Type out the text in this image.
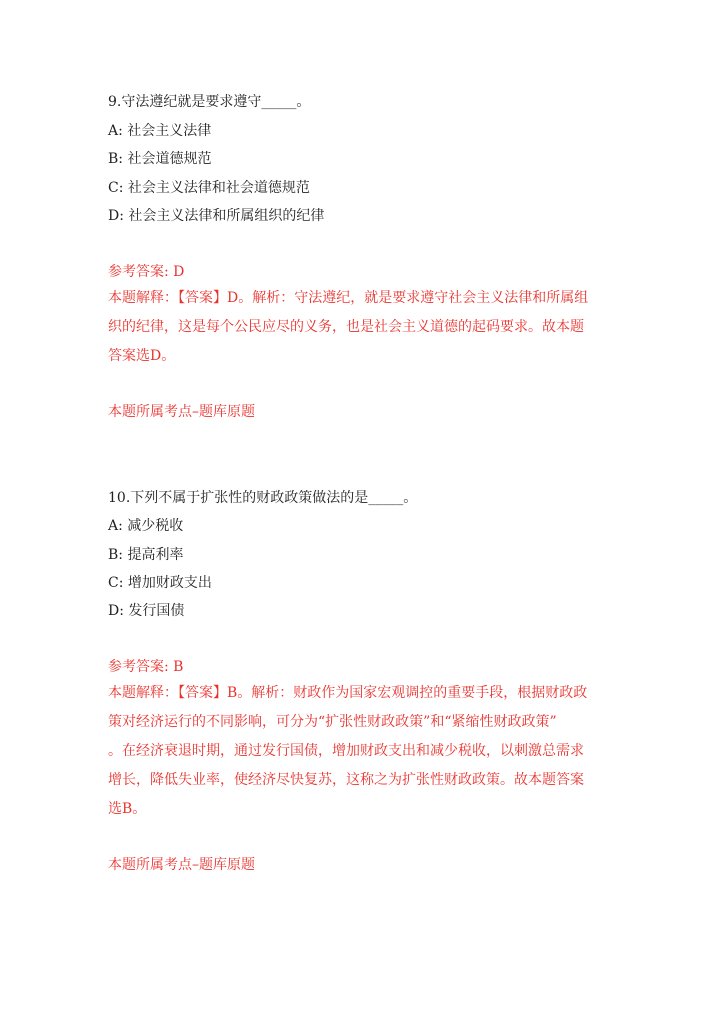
9.守法遵纪就是要求遵守_____。
A: 社会主义法律
B: 社会道德规范
C: 社会主义法律和社会道德规范
D: 社会主义法律和所属组织的纪律
参考答案: D
本题解释：【答案】D。解析：守法遵纪，就是要求遵守社会主义法律和所属组
织的纪律，这是每个公民应尽的义务，也是社会主义道德的起码要求。故本题
答案选D。
本题所属考点–题库原题
10.下列不属于扩张性的财政政策做法的是_____。
A: 减少税收
B: 提高利率
C: 增加财政支出
D: 发行国债
参考答案: B
本题解释：【答案】B。解析：财政作为国家宏观调控的重要手段，根据财政政
策对经济运行的不同影响，可分为“扩张性财政政策”和“紧缩性财政政策”
。在经济衰退时期，通过发行国债，增加财政支出和减少税收，以刺激总需求
增长，降低失业率，使经济尽快复苏，这称之为扩张性财政政策。故本题答案
选B。
本题所属考点–题库原题
